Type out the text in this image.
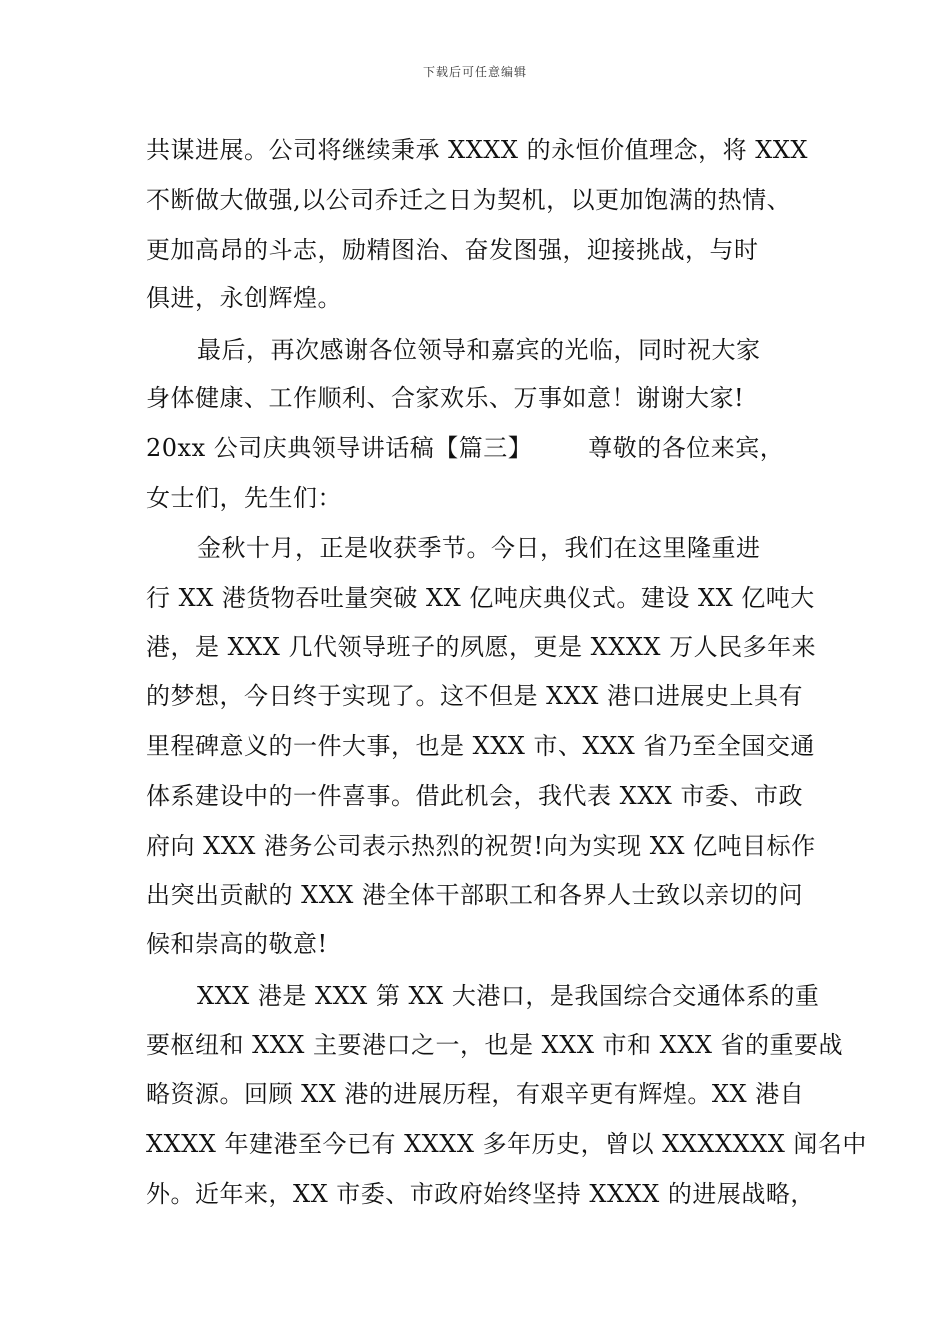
下载后可任意编辑
共谋进展。公司将继续秉承 XXXX 的永恒价值理念，将 XXX
不断做大做强,以公司乔迁之日为契机，以更加饱满的热情、
更加高昂的斗志，励精图治、奋发图强，迎接挑战，与时
俱进，永创辉煌。
最后，再次感谢各位领导和嘉宾的光临，同时祝大家
身体健康、工作顺利、合家欢乐、万事如意！谢谢大家!
20xx 公司庆典领导讲话稿【篇三】 尊敬的各位来宾，
女士们，先生们：
金秋十月，正是收获季节。今日，我们在这里隆重进
行 XX 港货物吞吐量突破 XX 亿吨庆典仪式。建设 XX 亿吨大
港，是 XXX 几代领导班子的夙愿，更是 XXXX 万人民多年来
的梦想，今日终于实现了。这不但是 XXX 港口进展史上具有
里程碑意义的一件大事，也是 XXX 市、XXX 省乃至全国交通
体系建设中的一件喜事。借此机会，我代表 XXX 市委、市政
府向 XXX 港务公司表示热烈的祝贺!向为实现 XX 亿吨目标作
出突出贡献的 XXX 港全体干部职工和各界人士致以亲切的问
候和崇高的敬意!
XXX 港是 XXX 第 XX 大港口，是我国综合交通体系的重
要枢纽和 XXX 主要港口之一，也是 XXX 市和 XXX 省的重要战
略资源。回顾 XX 港的进展历程，有艰辛更有辉煌。XX 港自
XXXX 年建港至今已有 XXXX 多年历史，曾以 XXXXXXX 闻名中
外。近年来，XX 市委、市政府始终坚持 XXXX 的进展战略，
